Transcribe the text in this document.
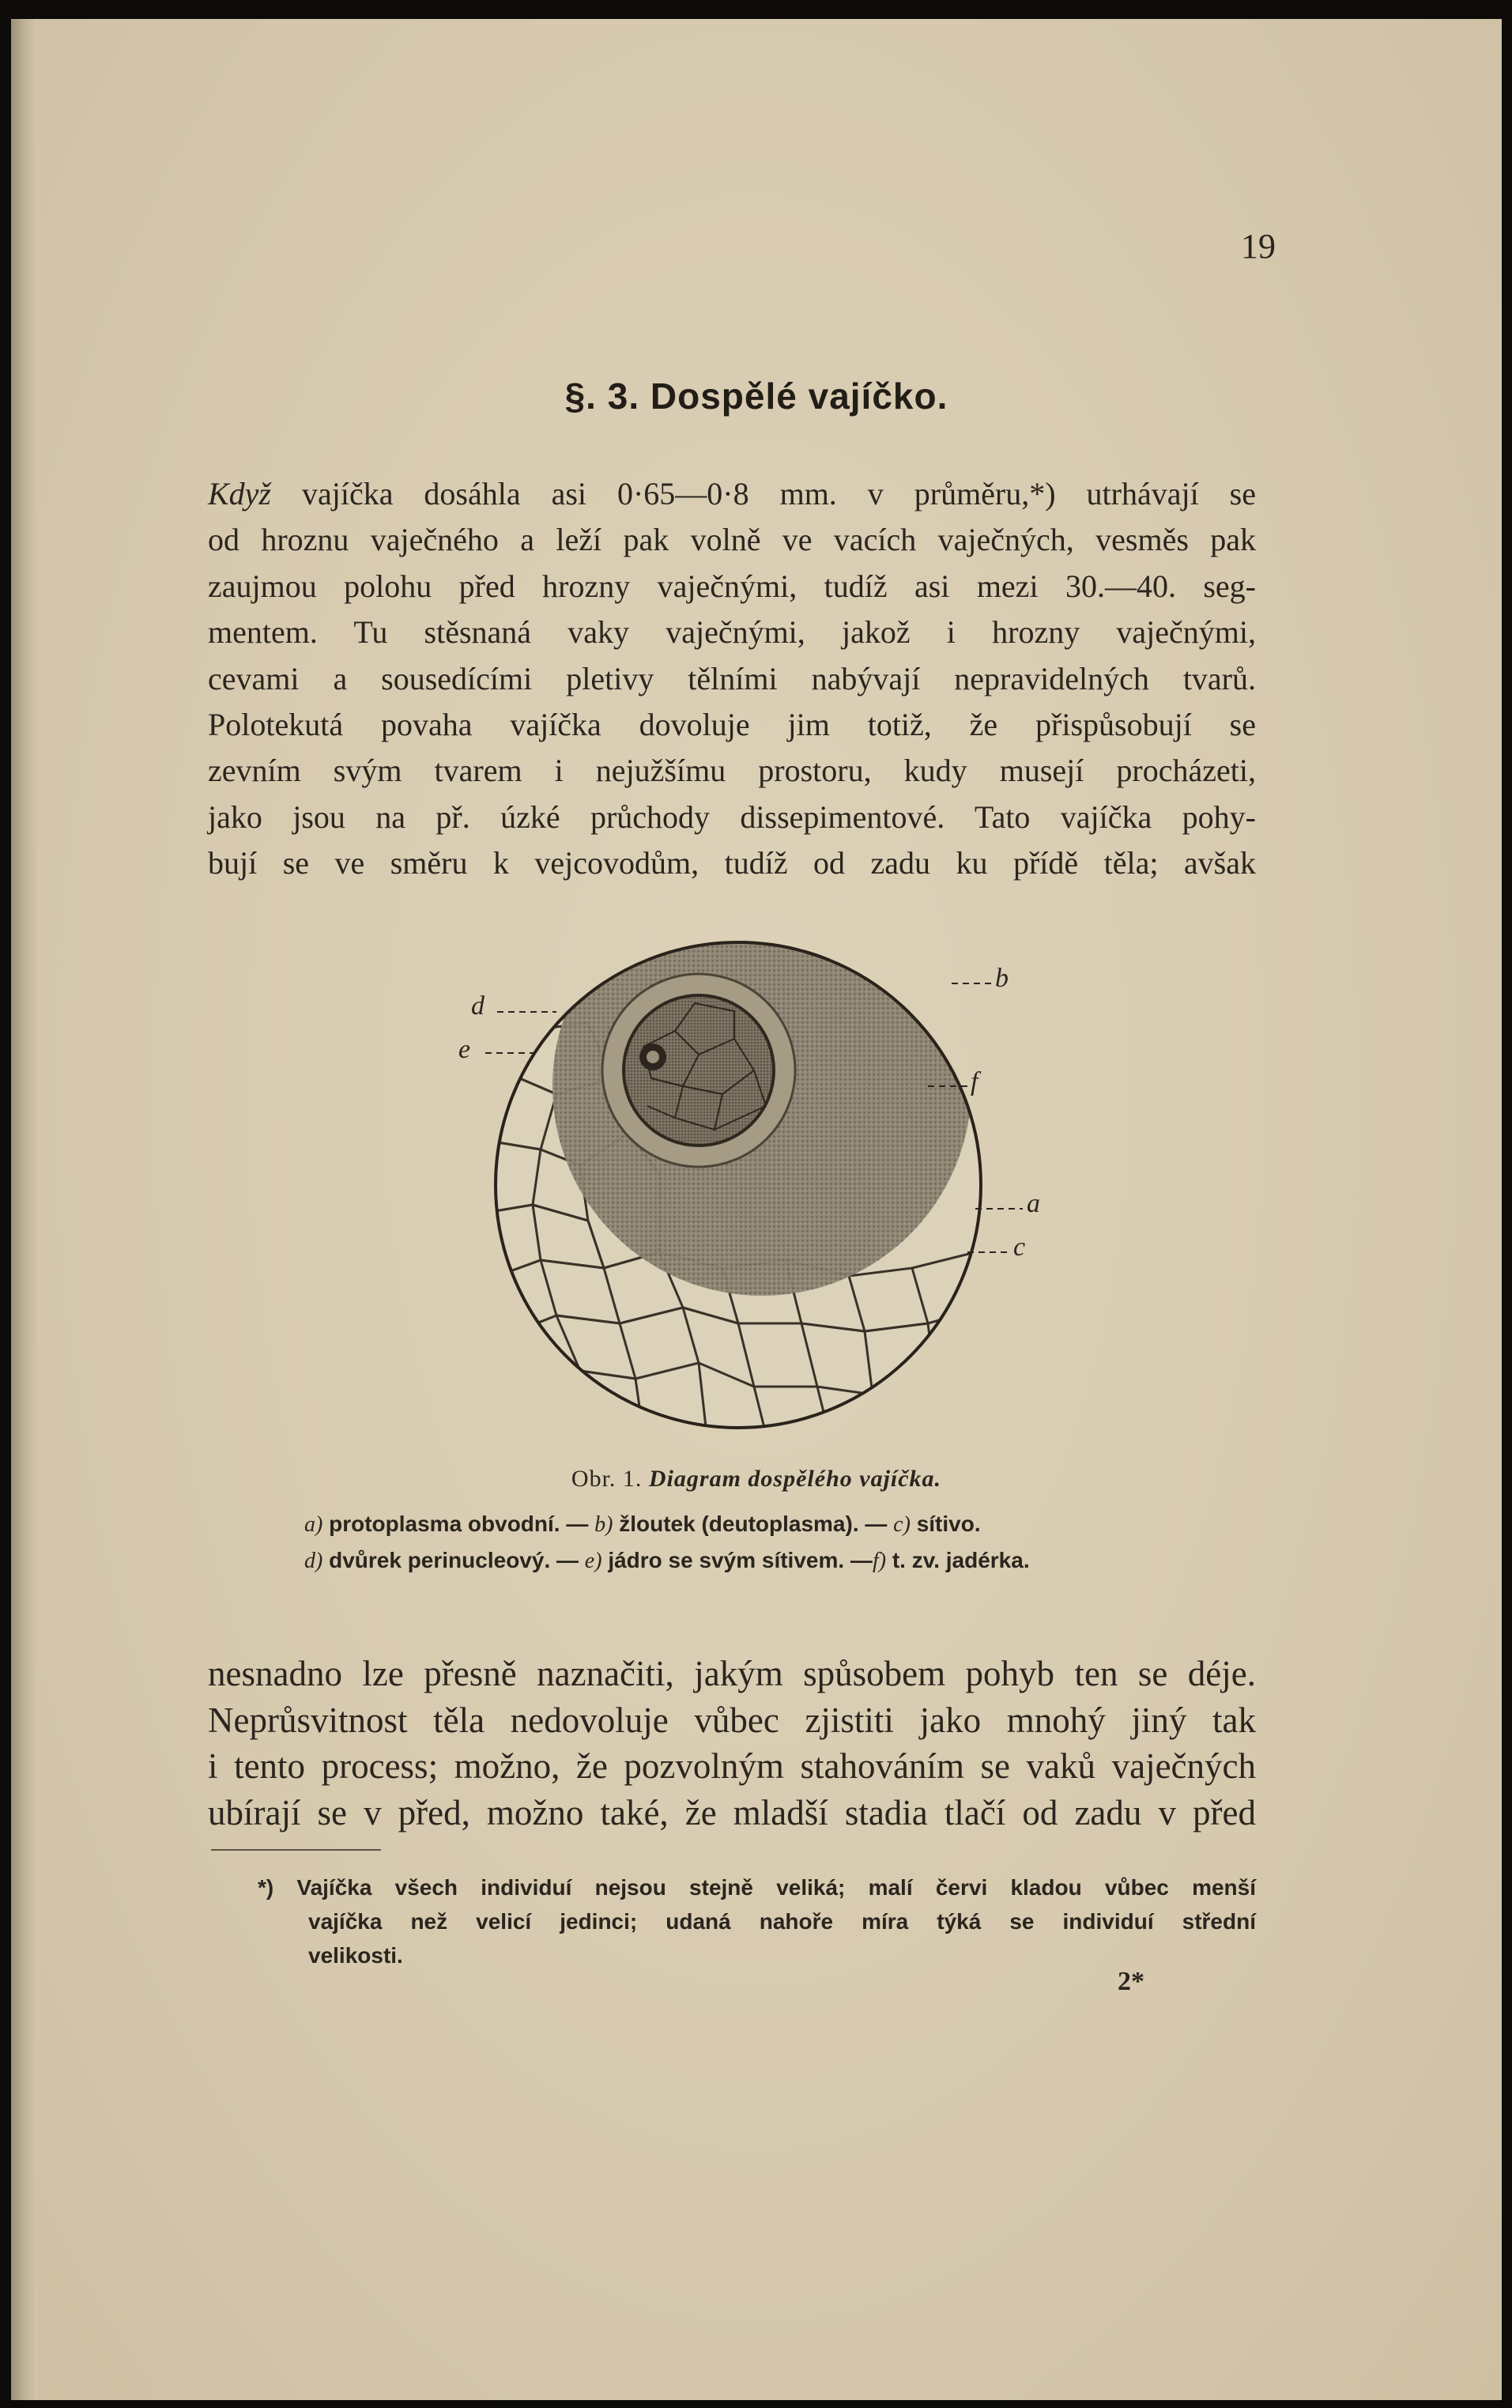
19
§. 3. Dospělé vajíčko.
Když vajíčka dosáhla asi 0·65—0·8 mm. v průměru,*) utrhávají se
od hroznu vaječného a leží pak volně ve vacích vaječných, vesměs pak
zaujmou polohu před hrozny vaječnými, tudíž asi mezi 30.—40. seg-
mentem. Tu stěsnaná vaky vaječnými, jakož i hrozny vaječnými,
cevami a sousedícími pletivy tělními nabývají nepravidelných tvarů.
Polotekutá povaha vajíčka dovoluje jim totiž, že přispůsobují se
zevním svým tvarem i nejužšímu prostoru, kudy musejí procházeti,
jako jsou na př. úzké průchody dissepimentové. Tato vajíčka pohy-
bují se ve směru k vejcovodům, tudíž od zadu ku přídě těla; avšak
d
e
b
f
a
c
Obr. 1. Diagram dospělého vajíčka.
a) protoplasma obvodní. — b) žloutek (deutoplasma). — c) sítivo.
d) dvůrek perinucleový. — e) jádro se svým sítivem. —f) t. zv. jadérka.
nesnadno lze přesně naznačiti, jakým spůsobem pohyb ten se déje.
Neprůsvitnost těla nedovoluje vůbec zjistiti jako mnohý jiný tak
i tento process; možno, že pozvolným stahováním se vaků vaječných
ubírají se v před, možno také, že mladší stadia tlačí od zadu v před
*) Vajíčka všech individuí nejsou stejně veliká; malí červi kladou vůbec menší
vajíčka než velicí jedinci; udaná nahoře míra týká se individuí střední
velikosti.
2*
